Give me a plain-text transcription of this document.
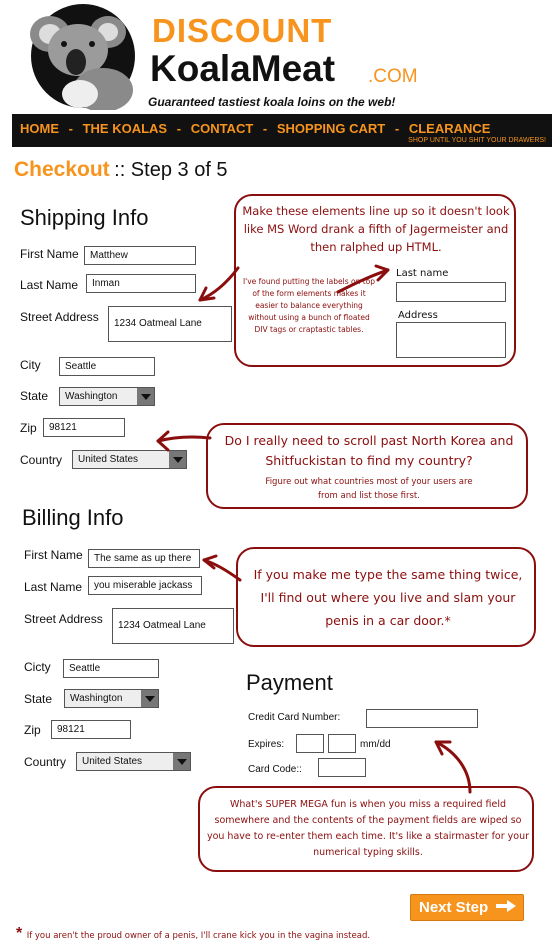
DISCOUNT
KoalaMeat .COM
Guaranteed tastiest koala loins on the web!
HOME - THE KOALAS - CONTACT - SHOPPING CART - CLEARANCE
SHOP UNTIL YOU SHIT YOUR DRAWERS!
Checkout :: Step 3 of 5
Shipping Info
First Name	Matthew
Last Name	Inman
Street Address	1234 Oatmeal Lane
City	Seattle
State	Washington
Zip	98121
Country	United States
Billing Info
First Name	The same as up there
Last Name	you miserable jackass
Street Address	1234 Oatmeal Lane
Cicty	Seattle
State	Washington
Zip	98121
Country	United States
Payment
Credit Card Number:
Expires:	mm/dd
Card Code::
Make these elements line up so it doesn't look like MS Word drank a fifth of Jagermeister and then ralphed up HTML.
I've found putting the labels on top of the form elements makes it easier to balance everything without using a bunch of floated DIV tags or craptastic tables.
Last name
Address
Do I really need to scroll past North Korea and Shitfuckistan to find my country?
Figure out what countries most of your users are from and list those first.
If you make me type the same thing twice, I'll find out where you live and slam your penis in a car door.*
What's SUPER MEGA fun is when you miss a required field somewhere and the contents of the payment fields are wiped so you have to re-enter them each time. It's like a stairmaster for your numerical typing skills.
Next Step
* If you aren't the proud owner of a penis, I'll crane kick you in the vagina instead.
